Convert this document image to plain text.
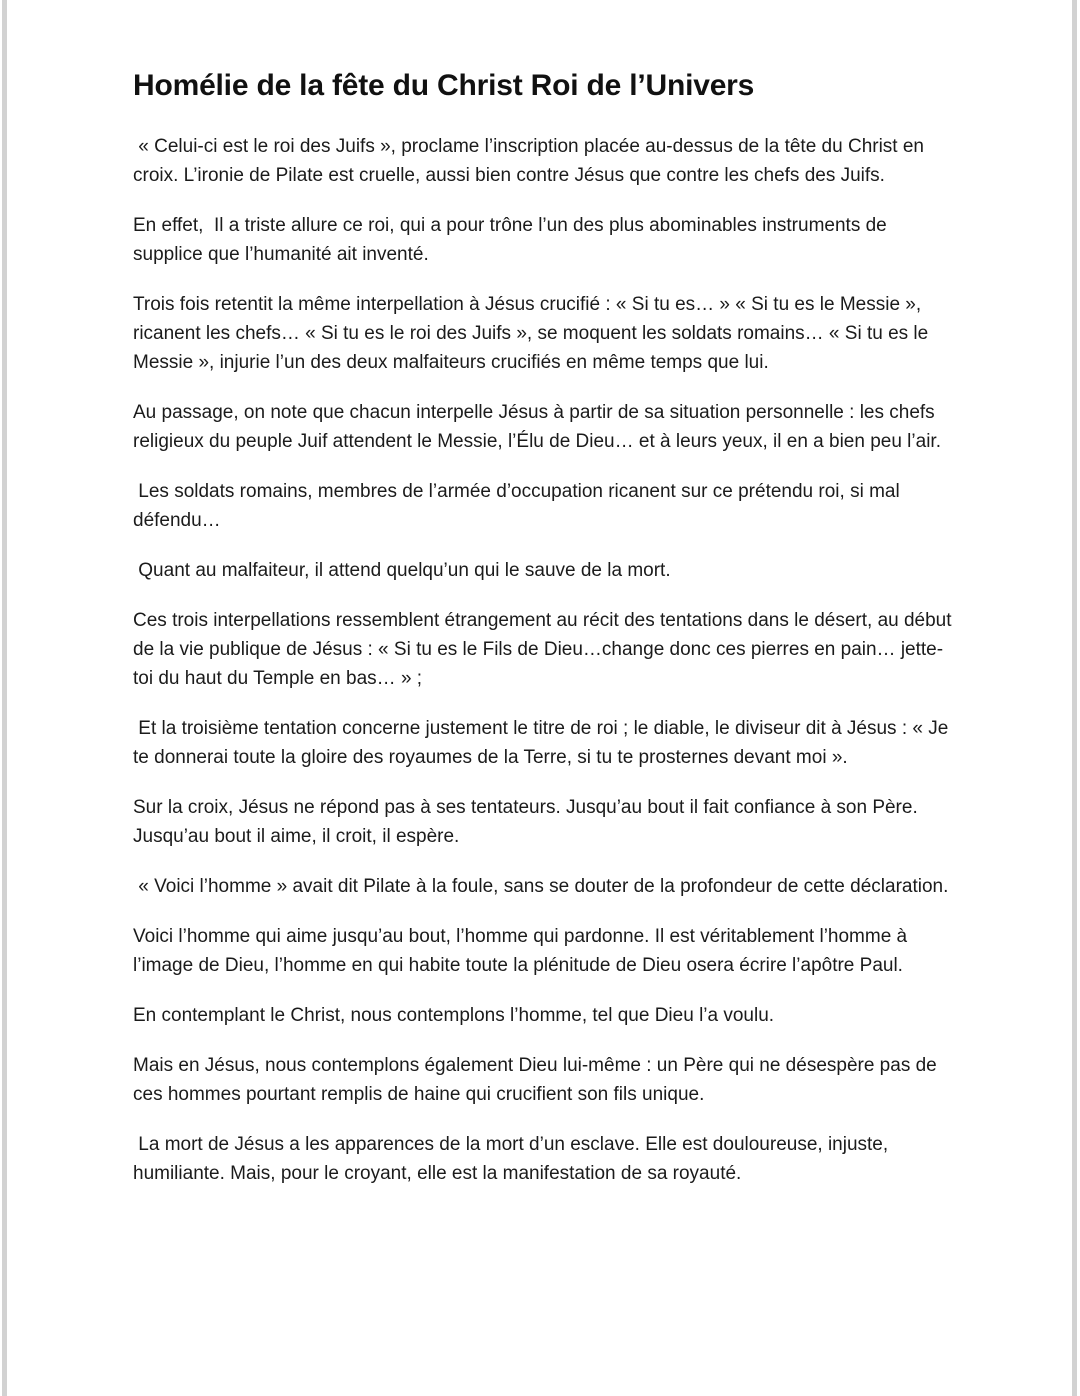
Homélie de la fête du Christ Roi de l’Univers

« Celui-ci est le roi des Juifs », proclame l’inscription placée au-dessus de la tête du Christ en croix. L’ironie de Pilate est cruelle, aussi bien contre Jésus que contre les chefs des Juifs.

En effet,  Il a triste allure ce roi, qui a pour trône l’un des plus abominables instruments de supplice que l’humanité ait inventé.

Trois fois retentit la même interpellation à Jésus crucifié : « Si tu es… » « Si tu es le Messie », ricanent les chefs… « Si tu es le roi des Juifs », se moquent les soldats romains… « Si tu es le Messie », injurie l’un des deux malfaiteurs crucifiés en même temps que lui.

Au passage, on note que chacun interpelle Jésus à partir de sa situation personnelle : les chefs religieux du peuple Juif attendent le Messie, l’Élu de Dieu… et à leurs yeux, il en a bien peu l’air.

Les soldats romains, membres de l’armée d’occupation ricanent sur ce prétendu roi, si mal défendu…

Quant au malfaiteur, il attend quelqu’un qui le sauve de la mort.

Ces trois interpellations ressemblent étrangement au récit des tentations dans le désert, au début de la vie publique de Jésus : « Si tu es le Fils de Dieu…change donc ces pierres en pain… jette-toi du haut du Temple en bas… » ;

Et la troisième tentation concerne justement le titre de roi ; le diable, le diviseur dit à Jésus : « Je te donnerai toute la gloire des royaumes de la Terre, si tu te prosternes devant moi ».

Sur la croix, Jésus ne répond pas à ses tentateurs. Jusqu’au bout il fait confiance à son Père. Jusqu’au bout il aime, il croit, il espère.

« Voici l’homme » avait dit Pilate à la foule, sans se douter de la profondeur de cette déclaration.

Voici l’homme qui aime jusqu’au bout, l’homme qui pardonne. Il est véritablement l’homme à l’image de Dieu, l’homme en qui habite toute la plénitude de Dieu osera écrire l’apôtre Paul.

En contemplant le Christ, nous contemplons l’homme, tel que Dieu l’a voulu.

Mais en Jésus, nous contemplons également Dieu lui-même : un Père qui ne désespère pas de ces hommes pourtant remplis de haine qui crucifient son fils unique.

La mort de Jésus a les apparences de la mort d’un esclave. Elle est douloureuse, injuste, humiliante. Mais, pour le croyant, elle est la manifestation de sa royauté.
